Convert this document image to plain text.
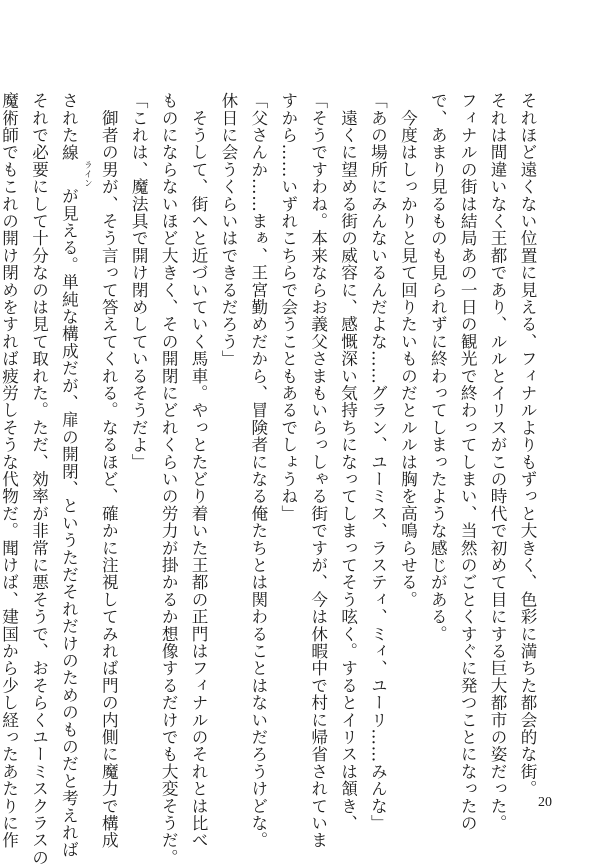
それほど遠くない位置に見える、フィナルよりもずっと大きく、色彩に満ちた都会的な街。
それは間違いなく王都であり、ルルとイリスがこの時代で初めて目にする巨大都市の姿だった。
フィナルの街は結局あの一日の観光で終わってしまい、当然のごとくすぐに発つことになったの
で、あまり見るものも見られずに終わってしまったような感じがある。
　今度はしっかりと見て回りたいものだとルルは胸を高鳴らせる。
「あの場所にみんないるんだよな……グラン、ユーミス、ラスティ、ミィ、ユーリ……みんな」
　遠くに望める街の威容に、感慨深い気持ちになってしまってそう呟く。するとイリスは頷き、
「そうですわね。本来ならお義父さまもいらっしゃる街ですが、今は休暇中で村に帰省されていま
すから……いずれこちらで会うこともあるでしょうね」
「父さんか……まぁ、王宮勤めだから、冒険者になる俺たちとは関わることはないだろうけどな。
休日に会うくらいはできるだろう」
　そうして、街へと近づいていく馬車。やっとたどり着いた王都の正門はフィナルのそれとは比べ
ものにならないほど大きく、その開閉にどれくらいの労力が掛かるか想像するだけでも大変そうだ。
「これは、魔法具で開け閉めしているそうだよ」
　御者の男が、そう言って答えてくれる。なるほど、確かに注視してみれば門の内側に魔力で構成
された線ラインが見える。単純な構成だが、扉の開閉、というただそれだけのためのものだと考えれば
それで必要にして十分なのは見て取れた。ただ、効率が非常に悪そうで、おそらくユーミスクラスの
魔術師でもこれの開け閉めをすれば疲労しそうな代物だ。聞けば、建国から少し経ったあたりに作	20
